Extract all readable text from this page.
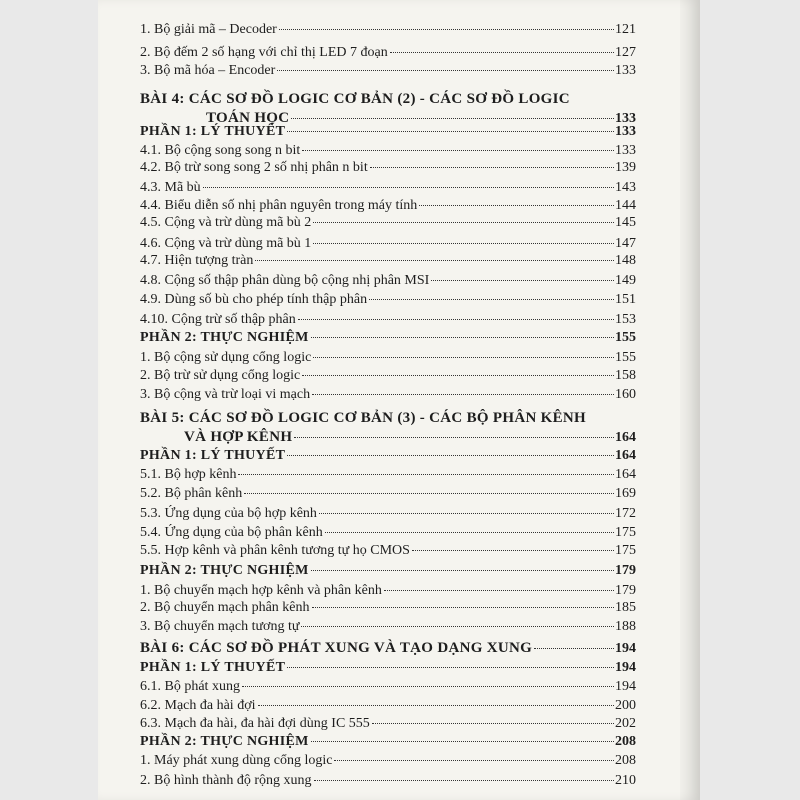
1. Bộ giải mã – Decoder	121
2. Bộ đếm 2 số hạng với chỉ thị LED 7 đoạn	127
3. Bộ mã hóa – Encoder	133
BÀI 4: CÁC SƠ ĐỒ LOGIC CƠ BẢN (2) - CÁC SƠ ĐỒ LOGIC
TOÁN HỌC	133
PHẦN 1: LÝ THUYẾT	133
4.1. Bộ cộng song song n bit	133
4.2. Bộ trừ song song 2 số nhị phân n bit	139
4.3. Mã bù	143
4.4. Biểu diễn số nhị phân nguyên trong máy tính	144
4.5. Cộng và trừ dùng mã bù 2	145
4.6. Cộng và trừ dùng mã bù 1	147
4.7. Hiện tượng tràn	148
4.8. Cộng số thập phân dùng bộ cộng nhị phân MSI	149
4.9. Dùng số bù cho phép tính thập phân	151
4.10. Cộng trừ số thập phân	153
PHẦN 2: THỰC NGHIỆM	155
1. Bộ cộng sử dụng cổng logic	155
2. Bộ trừ sử dụng cổng logic	158
3. Bộ cộng và trừ loại vi mạch	160
BÀI 5: CÁC SƠ ĐỒ LOGIC CƠ BẢN (3) - CÁC BỘ PHÂN KÊNH
VÀ HỢP KÊNH	164
PHẦN 1: LÝ THUYẾT	164
5.1. Bộ hợp kênh	164
5.2. Bộ phân kênh	169
5.3. Ứng dụng của bộ hợp kênh	172
5.4. Ứng dụng của bộ phân kênh	175
5.5. Hợp kênh và phân kênh tương tự họ CMOS	175
PHẦN 2: THỰC NGHIỆM	179
1. Bộ chuyển mạch hợp kênh và phân kênh	179
2. Bộ chuyển mạch phân kênh	185
3. Bộ chuyển mạch tương tự	188
BÀI 6: CÁC SƠ ĐỒ PHÁT XUNG VÀ TẠO DẠNG XUNG	194
PHẦN 1: LÝ THUYẾT	194
6.1. Bộ phát xung	194
6.2. Mạch đa hài đợi	200
6.3. Mạch đa hài, đa hài đợi dùng IC 555	202
PHẦN 2: THỰC NGHIỆM	208
1. Máy phát xung dùng cổng logic	208
2. Bộ hình thành độ rộng xung	210
